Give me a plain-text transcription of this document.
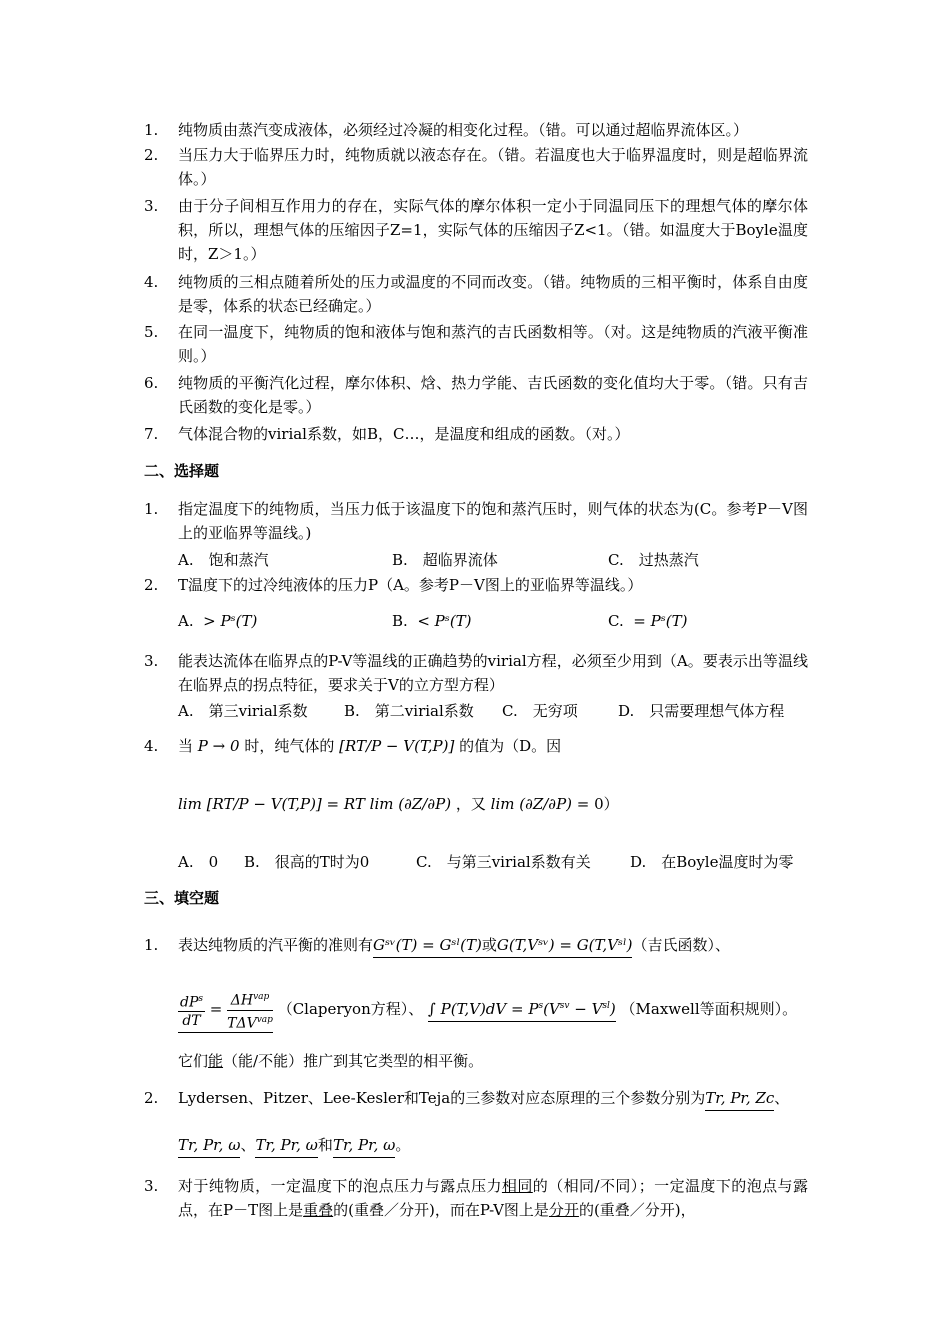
1. 纯物质由蒸汽变成液体，必须经过冷凝的相变化过程。（错。可以通过超临界流体区。）
2. 当压力大于临界压力时，纯物质就以液态存在。（错。若温度也大于临界温度时，则是超临界流体。）
3. 由于分子间相互作用力的存在，实际气体的摩尔体积一定小于同温同压下的理想气体的摩尔体积，所以，理想气体的压缩因子Z=1，实际气体的压缩因子Z<1。（错。如温度大于Boyle温度时，Z＞1。）
4. 纯物质的三相点随着所处的压力或温度的不同而改变。（错。纯物质的三相平衡时，体系自由度是零，体系的状态已经确定。）
5. 在同一温度下，纯物质的饱和液体与饱和蒸汽的吉氏函数相等。（对。这是纯物质的汽液平衡准则。）
6. 纯物质的平衡汽化过程，摩尔体积、焓、热力学能、吉氏函数的变化值均大于零。（错。只有吉氏函数的变化是零。）
7. 气体混合物的virial系数，如B，C…，是温度和组成的函数。（对。）
二、选择题
1. 指定温度下的纯物质，当压力低于该温度下的饱和蒸汽压时，则气体的状态为(C。参考P－V图上的亚临界等温线。)
A.　饱和蒸汽	B.　超临界流体	C.　过热蒸汽
2. T温度下的过冷纯液体的压力P（A。参考P－V图上的亚临界等温线。）
A. > Pˢ(T)	B. < Pˢ(T)	C. = Pˢ(T)
3. 能表达流体在临界点的P-V等温线的正确趋势的virial方程，必须至少用到（A。要表示出等温线在临界点的拐点特征，要求关于V的立方型方程）
A.　第三virial系数 B.　第二virial系数 C.　无穷项	D.　只需要理想气体方程
4. 当 P → 0 时，纯气体的 [RT/P − V(T,P)] 的值为（D。因
lim [RT/P − V(T,P)] = RT lim (∂Z/∂P) ，又 lim (∂Z/∂P) = 0）
A.　0 B.　很高的T时为0	C.　与第三virial系数有关	D.　在Boyle温度时为零
三、填空题
1. 表达纯物质的汽平衡的准则有Gˢᵛ(T) = Gˢˡ(T)或G(T,Vˢᵛ) = G(T,Vˢˡ)（吉氏函数）、
$\frac{dP^s}{dT} = \frac{\Delta H^{vap}}{T\Delta V^{vap}}$ （Claperyon方程）、 ∫ $P(T,V)dV = P^s(V^{sv} - V^{sl})$ （Maxwell等面积规则）。
它们能（能/不能）推广到其它类型的相平衡。
2. Lydersen、Pitzer、Lee-Kesler和Teja的三参数对应态原理的三个参数分别为Tr, Pr, Zc、
Tr, Pr, ω、Tr, Pr, ω和Tr, Pr, ω。
3. 对于纯物质，一定温度下的泡点压力与露点压力相同的（相同/不同）；一定温度下的泡点与露点，在P－T图上是重叠的(重叠／分开)，而在P-V图上是分开的(重叠／分开)，
